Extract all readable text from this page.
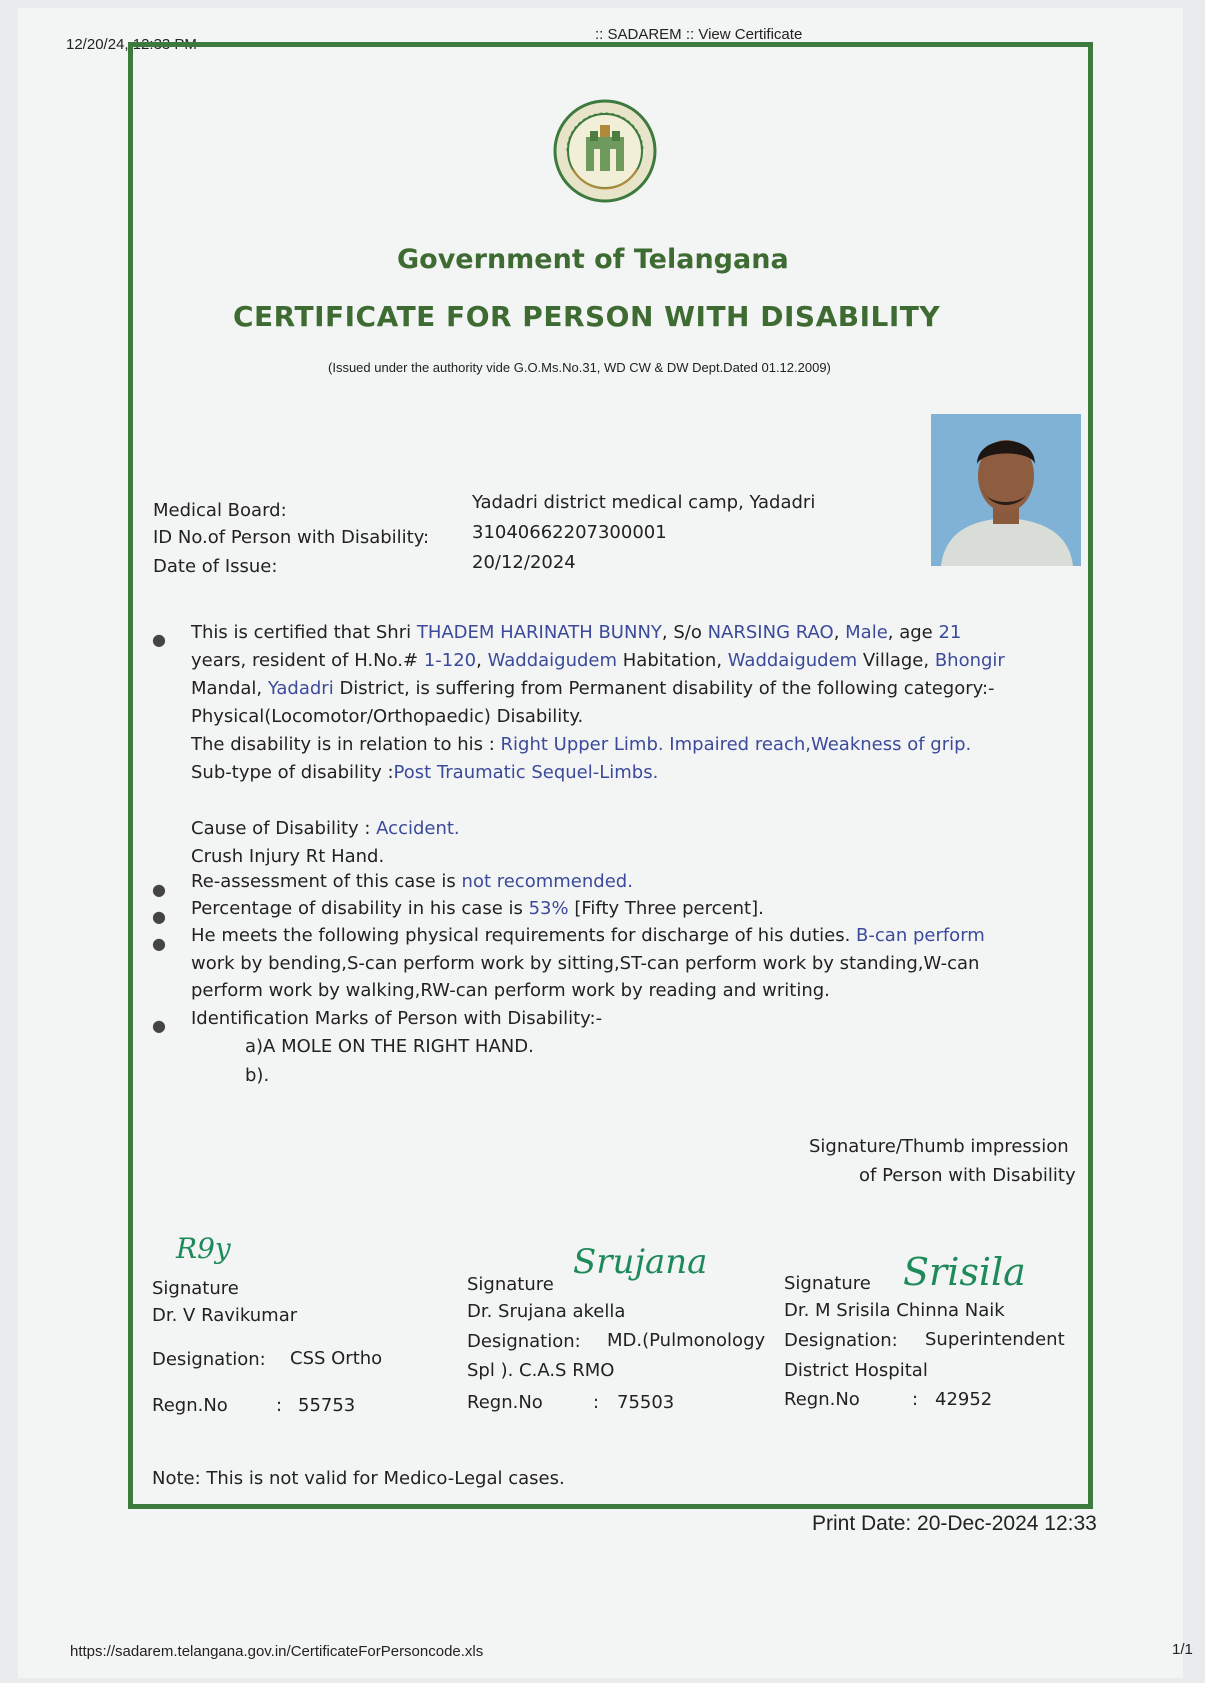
12/20/24, 12:33 PM
:: SADAREM :: View Certificate
Government of Telangana
CERTIFICATE FOR PERSON WITH DISABILITY
(Issued under the authority vide G.O.Ms.No.31, WD CW & DW Dept.Dated 01.12.2009)
Medical Board:	Yadadri district medical camp, Yadadri
ID No.of Person with Disability: 31040662207300001
Date of Issue:	20/12/2024
● This is certified that Shri THADEM HARINATH BUNNY, S/o NARSING RAO, Male, age 21
years, resident of H.No.# 1-120, Waddaigudem Habitation, Waddaigudem Village, Bhongir
Mandal, Yadadri District, is suffering from Permanent disability of the following category:-
Physical(Locomotor/Orthopaedic) Disability.
The disability is in relation to his : Right Upper Limb. Impaired reach,Weakness of grip.
Sub-type of disability :Post Traumatic Sequel-Limbs.
Cause of Disability : Accident.
Crush Injury Rt Hand.
● Re-assessment of this case is not recommended.
● Percentage of disability in his case is 53% [Fifty Three percent].
● He meets the following physical requirements for discharge of his duties. B-can perform
work by bending,S-can perform work by sitting,ST-can perform work by standing,W-can
perform work by walking,RW-can perform work by reading and writing.
● Identification Marks of Person with Disability:-
a)A MOLE ON THE RIGHT HAND.
b).
Signature/Thumb impression
of Person with Disability
R9y
Signature
Dr. V Ravikumar
Designation: CSS Ortho
Regn.No	: 55753
Srujana
Signature
Dr. Srujana akella
Designation: MD.(Pulmonology
Spl ). C.A.S RMO
Regn.No	: 75503
Srisila
Signature
Dr. M Srisila Chinna Naik
Designation: Superintendent
District Hospital
Regn.No	: 42952
Note: This is not valid for Medico-Legal cases.
Print Date: 20-Dec-2024 12:33
https://sadarem.telangana.gov.in/CertificateForPersoncode.xls	1/1
